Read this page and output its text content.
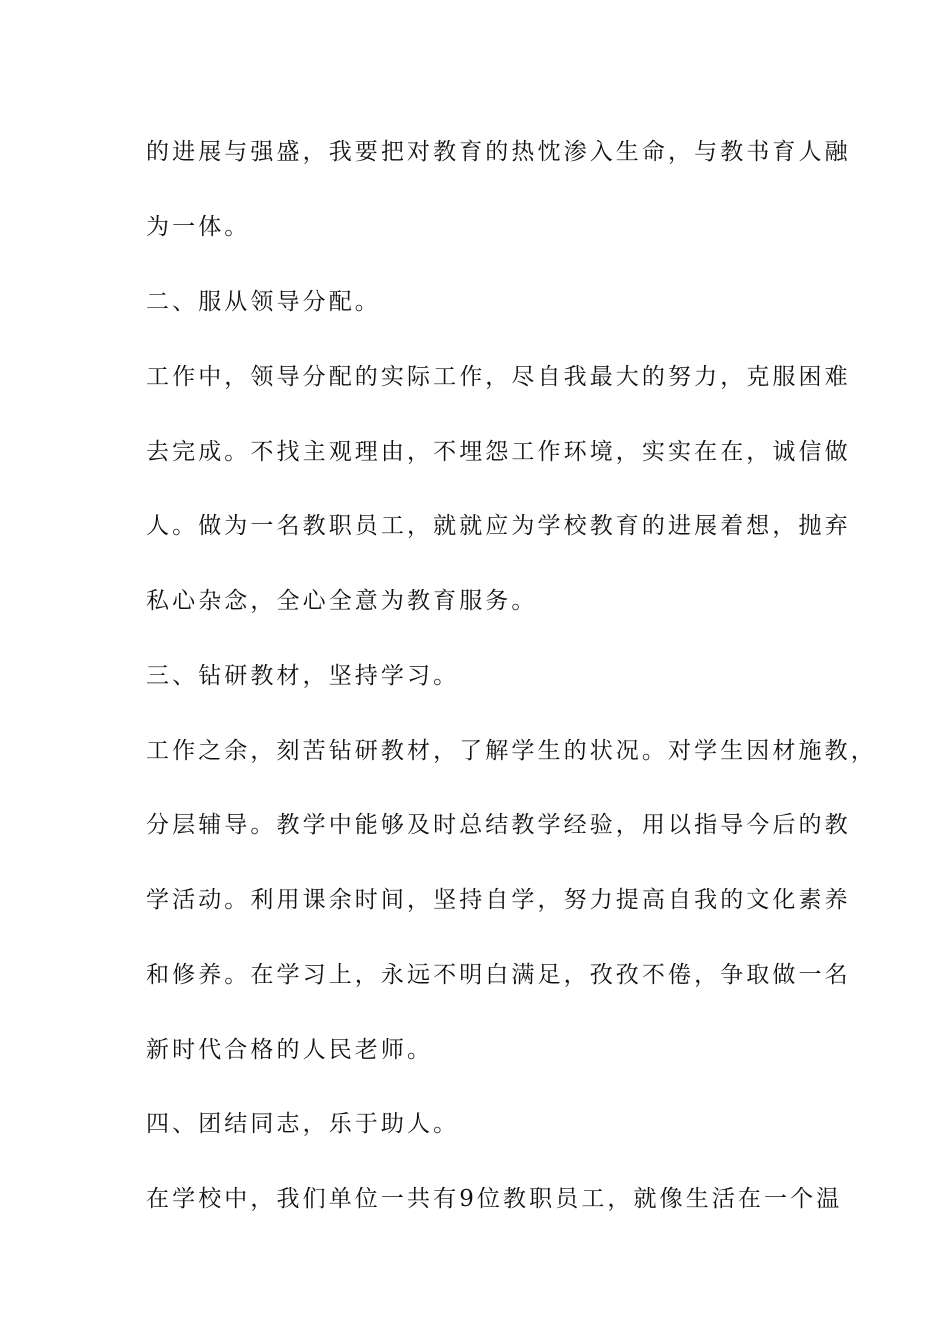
的进展与强盛，我要把对教育的热忱渗入生命，与教书育人融
为一体。
二、服从领导分配。
工作中，领导分配的实际工作，尽自我最大的努力，克服困难
去完成。不找主观理由，不埋怨工作环境，实实在在，诚信做
人。做为一名教职员工，就就应为学校教育的进展着想，抛弃
私心杂念，全心全意为教育服务。
三、钻研教材，坚持学习。
工作之余，刻苦钻研教材，了解学生的状况。对学生因材施教，
分层辅导。教学中能够及时总结教学经验，用以指导今后的教
学活动。利用课余时间，坚持自学，努力提高自我的文化素养
和修养。在学习上，永远不明白满足，孜孜不倦，争取做一名
新时代合格的人民老师。
四、团结同志，乐于助人。
在学校中，我们单位一共有9位教职员工，就像生活在一个温
